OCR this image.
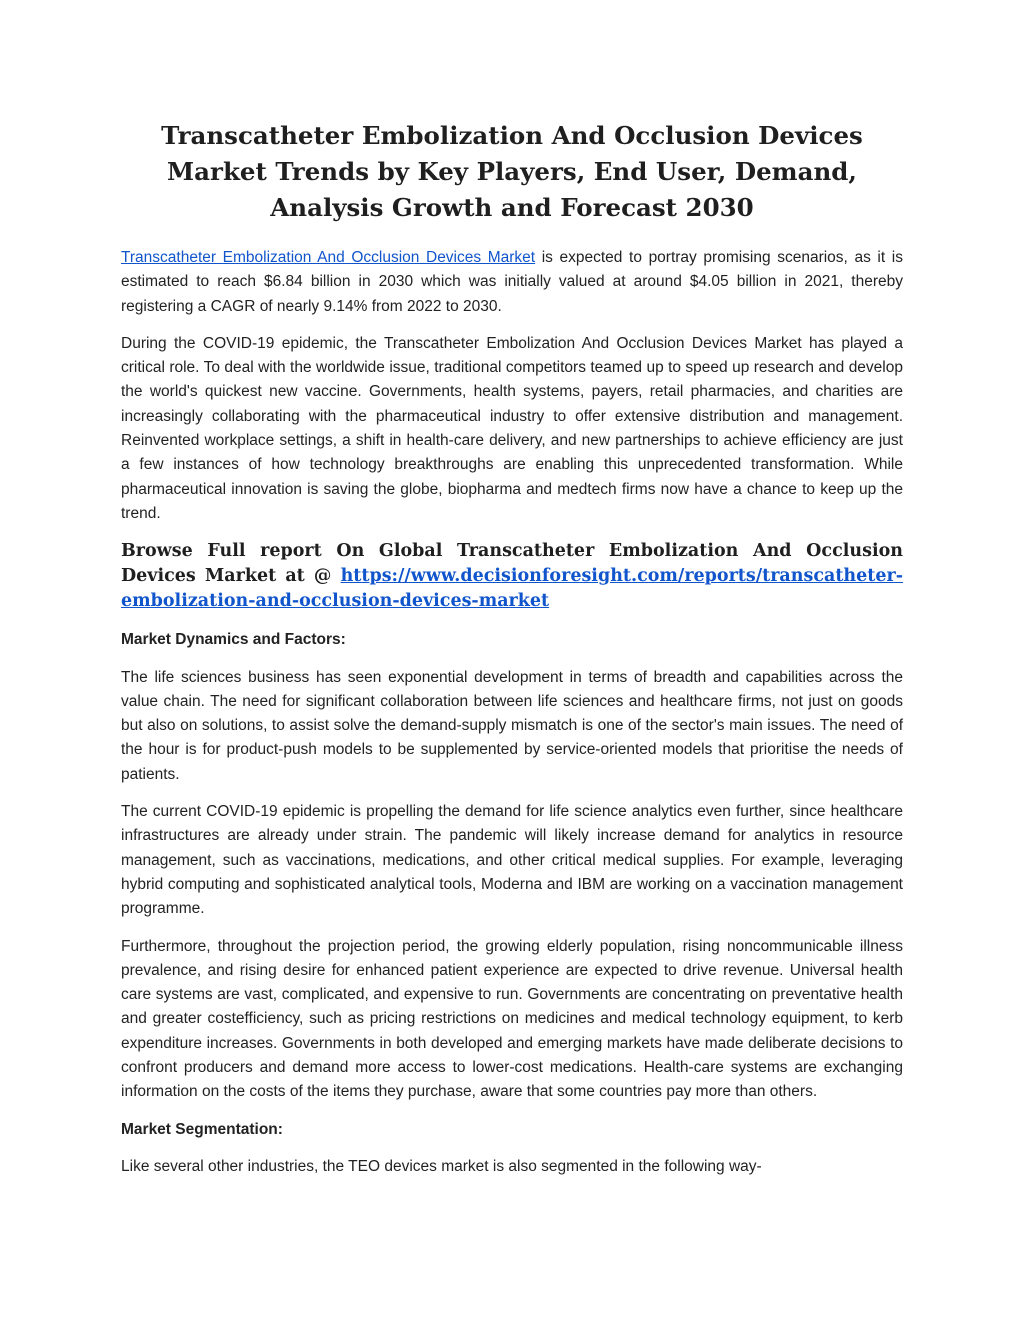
Transcatheter Embolization And Occlusion Devices Market Trends by Key Players, End User, Demand, Analysis Growth and Forecast 2030

Transcatheter Embolization And Occlusion Devices Market is expected to portray promising scenarios, as it is estimated to reach $6.84 billion in 2030 which was initially valued at around $4.05 billion in 2021, thereby registering a CAGR of nearly 9.14% from 2022 to 2030.

During the COVID-19 epidemic, the Transcatheter Embolization And Occlusion Devices Market has played a critical role. To deal with the worldwide issue, traditional competitors teamed up to speed up research and develop the world's quickest new vaccine. Governments, health systems, payers, retail pharmacies, and charities are increasingly collaborating with the pharmaceutical industry to offer extensive distribution and management. Reinvented workplace settings, a shift in health-care delivery, and new partnerships to achieve efficiency are just a few instances of how technology breakthroughs are enabling this unprecedented transformation. While pharmaceutical innovation is saving the globe, biopharma and medtech firms now have a chance to keep up the trend.

Browse Full report On Global Transcatheter Embolization And Occlusion Devices Market at @ https://www.decisionforesight.com/reports/transcatheter-embolization-and-occlusion-devices-market
Market Dynamics and Factors:

The life sciences business has seen exponential development in terms of breadth and capabilities across the value chain. The need for significant collaboration between life sciences and healthcare firms, not just on goods but also on solutions, to assist solve the demand-supply mismatch is one of the sector's main issues. The need of the hour is for product-push models to be supplemented by service-oriented models that prioritise the needs of patients.

The current COVID-19 epidemic is propelling the demand for life science analytics even further, since healthcare infrastructures are already under strain. The pandemic will likely increase demand for analytics in resource management, such as vaccinations, medications, and other critical medical supplies. For example, leveraging hybrid computing and sophisticated analytical tools, Moderna and IBM are working on a vaccination management programme.

Furthermore, throughout the projection period, the growing elderly population, rising noncommunicable illness prevalence, and rising desire for enhanced patient experience are expected to drive revenue. Universal health care systems are vast, complicated, and expensive to run. Governments are concentrating on preventative health and greater costefficiency, such as pricing restrictions on medicines and medical technology equipment, to kerb expenditure increases. Governments in both developed and emerging markets have made deliberate decisions to confront producers and demand more access to lower-cost medications. Health-care systems are exchanging information on the costs of the items they purchase, aware that some countries pay more than others.

Market Segmentation:

Like several other industries, the TEO devices market is also segmented in the following way-
